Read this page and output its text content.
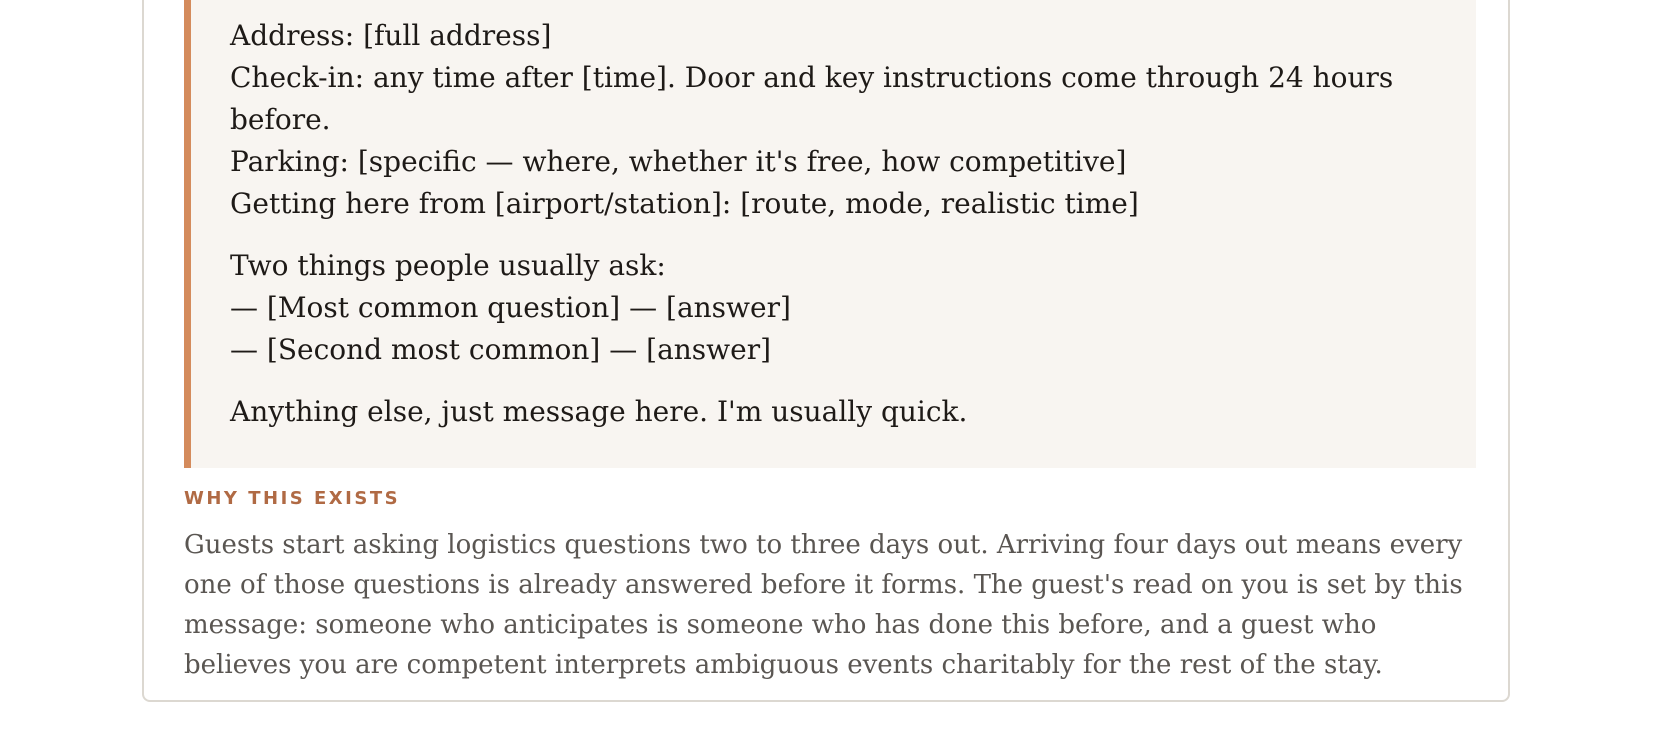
Address: [full address]
Check-in: any time after [time]. Door and key instructions come through 24 hours before.
Parking: [specific — where, whether it's free, how competitive]
Getting here from [airport/station]: [route, mode, realistic time]

Two things people usually ask:
— [Most common question] — [answer]
— [Second most common] — [answer]

Anything else, just message here. I'm usually quick.

WHY THIS EXISTS

Guests start asking logistics questions two to three days out. Arriving four days out means every one of those questions is already answered before it forms. The guest's read on you is set by this message: someone who anticipates is someone who has done this before, and a guest who believes you are competent interprets ambiguous events charitably for the rest of the stay.
